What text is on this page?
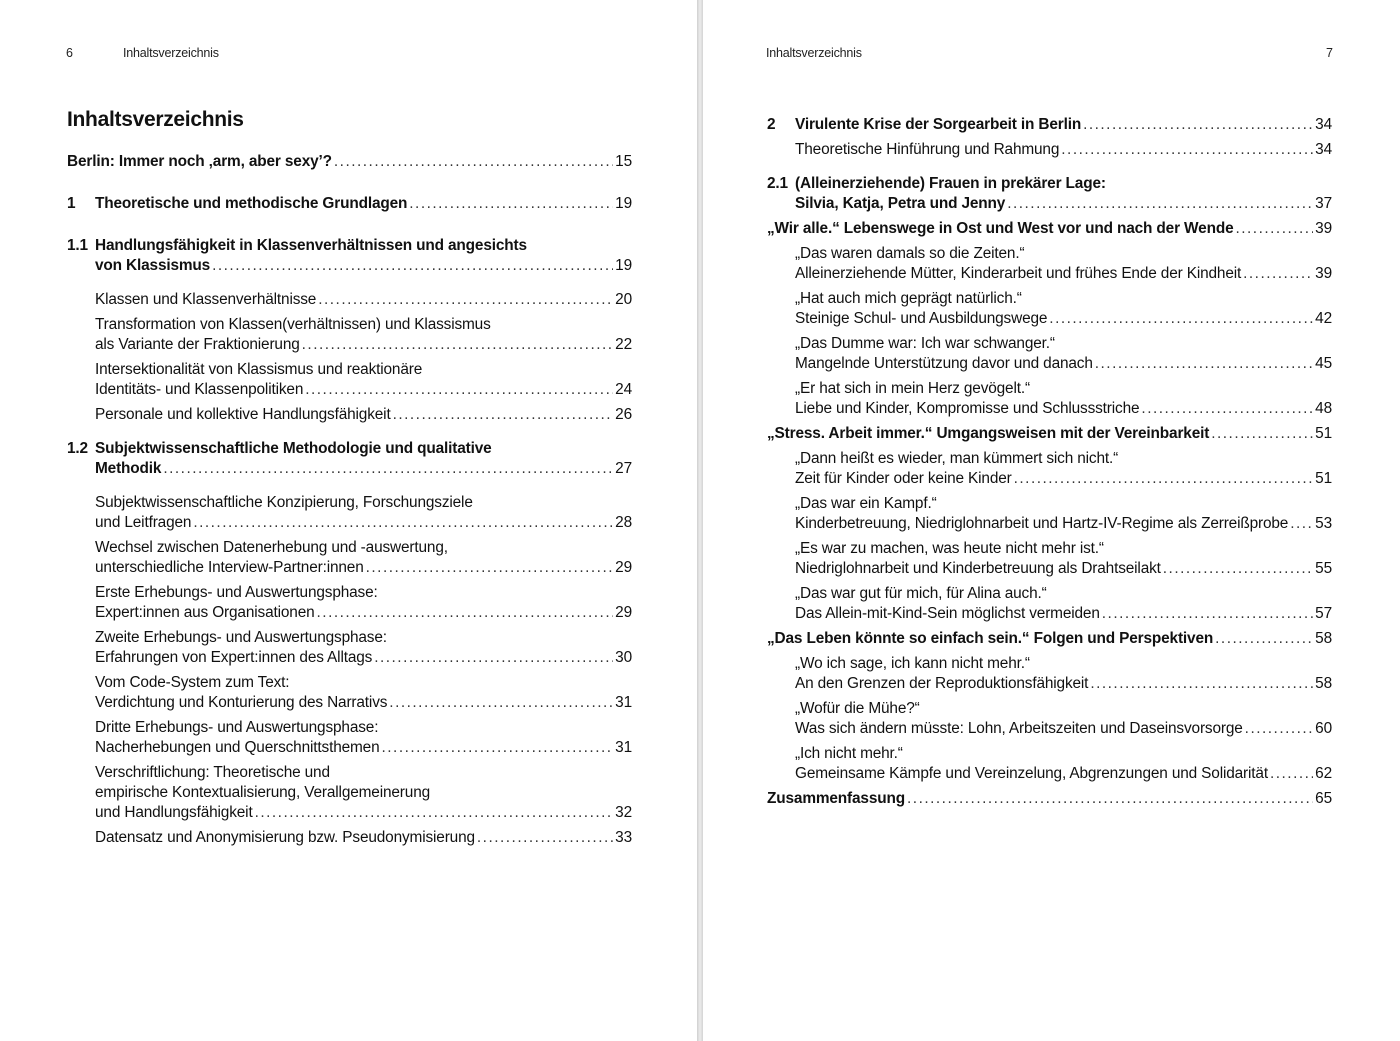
6	Inhaltsverzeichnis
Inhaltsverzeichnis
Berlin: Immer noch ‚arm, aber sexy’? .....	15
1 Theoretische und methodische Grundlagen .....	19
1.1 Handlungsfähigkeit in Klassenverhältnissen und angesichts
von Klassismus .....	19
Klassen und Klassenverhältnisse .....	20
Transformation von Klassen(verhältnissen) und Klassismus
als Variante der Fraktionierung .....	22
Intersektionalität von Klassismus und reaktionäre
Identitäts- und Klassenpolitiken .....	24
Personale und kollektive Handlungsfähigkeit .....	26
1.2 Subjektwissenschaftliche Methodologie und qualitative
Methodik .....	27
Subjektwissenschaftliche Konzipierung, Forschungsziele
und Leitfragen .....	28
Wechsel zwischen Datenerhebung und -auswertung,
unterschiedliche Interview-Partner:innen .....	29
Erste Erhebungs- und Auswertungsphase:
Expert:innen aus Organisationen .....	29
Zweite Erhebungs- und Auswertungsphase:
Erfahrungen von Expert:innen des Alltags .....	30
Vom Code-System zum Text:
Verdichtung und Konturierung des Narrativs .....	31
Dritte Erhebungs- und Auswertungsphase:
Nacherhebungen und Querschnittsthemen .....	31
Verschriftlichung: Theoretische und
empirische Kontextualisierung, Verallgemeinerung
und Handlungsfähigkeit .....	32
Datensatz und Anonymisierung bzw. Pseudonymisierung .....	33
Inhaltsverzeichnis	7
2 Virulente Krise der Sorgearbeit in Berlin .....	34
Theoretische Hinführung und Rahmung .....	34
2.1 (Alleinerziehende) Frauen in prekärer Lage:
Silvia, Katja, Petra und Jenny .....	37
„Wir alle.“ Lebenswege in Ost und West vor und nach der Wende .....	39
„Das waren damals so die Zeiten.“
Alleinerziehende Mütter, Kinderarbeit und frühes Ende der Kindheit .....	39
„Hat auch mich geprägt natürlich.“
Steinige Schul- und Ausbildungswege .....	42
„Das Dumme war: Ich war schwanger.“
Mangelnde Unterstützung davor und danach .....	45
„Er hat sich in mein Herz gevögelt.“
Liebe und Kinder, Kompromisse und Schlussstriche .....	48
„Stress. Arbeit immer.“ Umgangsweisen mit der Vereinbarkeit .....	51
„Dann heißt es wieder, man kümmert sich nicht.“
Zeit für Kinder oder keine Kinder .....	51
„Das war ein Kampf.“
Kinderbetreuung, Niedriglohnarbeit und Hartz-IV-Regime als Zerreißprobe ..... 53
„Es war zu machen, was heute nicht mehr ist.“
Niedriglohnarbeit und Kinderbetreuung als Drahtseilakt .....	55
„Das war gut für mich, für Alina auch.“
Das Allein-mit-Kind-Sein möglichst vermeiden .....	57
„Das Leben könnte so einfach sein.“ Folgen und Perspektiven .....	58
„Wo ich sage, ich kann nicht mehr.“
An den Grenzen der Reproduktionsfähigkeit .....	58
„Wofür die Mühe?“
Was sich ändern müsste: Lohn, Arbeitszeiten und Daseinsvorsorge .....	60
„Ich nicht mehr.“
Gemeinsame Kämpfe und Vereinzelung, Abgrenzungen und Solidarität .....	62
Zusammenfassung .....	65
